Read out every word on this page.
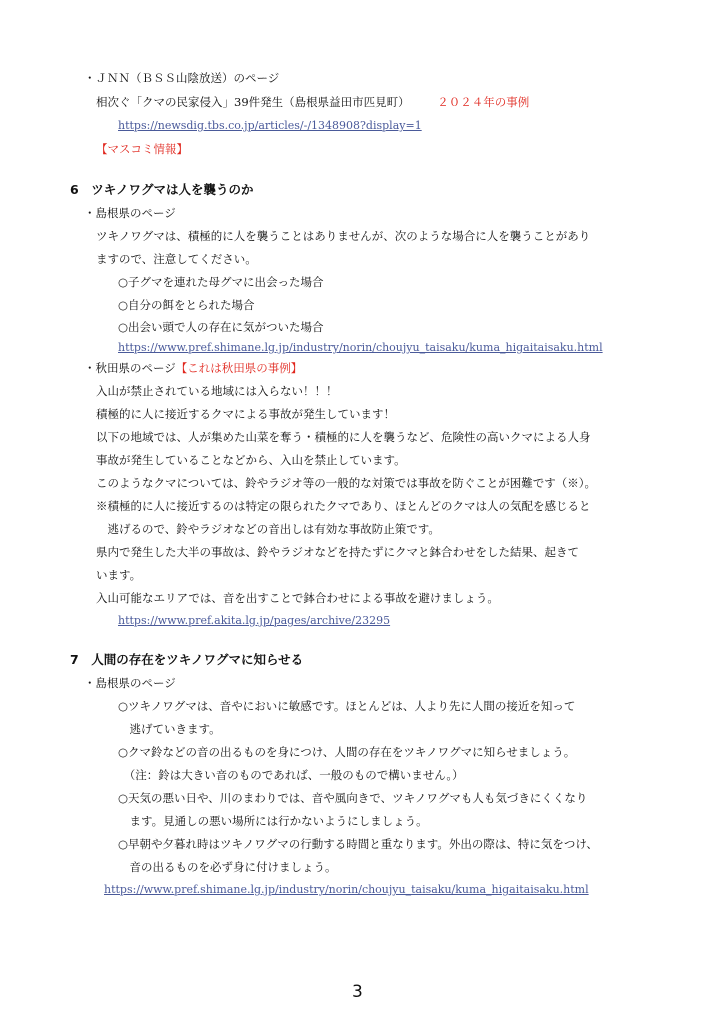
・ＪＮＮ（ＢＳＳ山陰放送）のページ
相次ぐ「クマの民家侵入」39件発生（島根県益田市匹見町） ２０２４年の事例
https://newsdig.tbs.co.jp/articles/-/1348908?display=1
【マスコミ情報】
6　ツキノワグマは人を襲うのか
・島根県のページ
ツキノワグマは、積極的に人を襲うことはありませんが、次のような場合に人を襲うことがあり
ますので、注意してください。
○子グマを連れた母グマに出会った場合
○自分の餌をとられた場合
○出会い頭で人の存在に気がついた場合
https://www.pref.shimane.lg.jp/industry/norin/choujyu_taisaku/kuma_higaitaisaku.html
・秋田県のページ【これは秋田県の事例】
入山が禁止されている地域には入らない！！！
積極的に人に接近するクマによる事故が発生しています！
以下の地域では、人が集めた山菜を奪う・積極的に人を襲うなど、危険性の高いクマによる人身
事故が発生していることなどから、入山を禁止しています。
このようなクマについては、鈴やラジオ等の一般的な対策では事故を防ぐことが困難です（※）。
※積極的に人に接近するのは特定の限られたクマであり、ほとんどのクマは人の気配を感じると
　逃げるので、鈴やラジオなどの音出しは有効な事故防止策です。
県内で発生した大半の事故は、鈴やラジオなどを持たずにクマと鉢合わせをした結果、起きて
います。
入山可能なエリアでは、音を出すことで鉢合わせによる事故を避けましょう。
https://www.pref.akita.lg.jp/pages/archive/23295
7　人間の存在をツキノワグマに知らせる
・島根県のページ
○ツキノワグマは、音やにおいに敏感です。ほとんどは、人より先に人間の接近を知って
　逃げていきます。
○クマ鈴などの音の出るものを身につけ、人間の存在をツキノワグマに知らせましょう。
　（注：鈴は大きい音のものであれば、一般のもので構いません。）
○天気の悪い日や、川のまわりでは、音や風向きで、ツキノワグマも人も気づきにくくなり
　ます。見通しの悪い場所には行かないようにしましょう。
○早朝や夕暮れ時はツキノワグマの行動する時間と重なります。外出の際は、特に気をつけ、
　音の出るものを必ず身に付けましょう。
https://www.pref.shimane.lg.jp/industry/norin/choujyu_taisaku/kuma_higaitaisaku.html
3
